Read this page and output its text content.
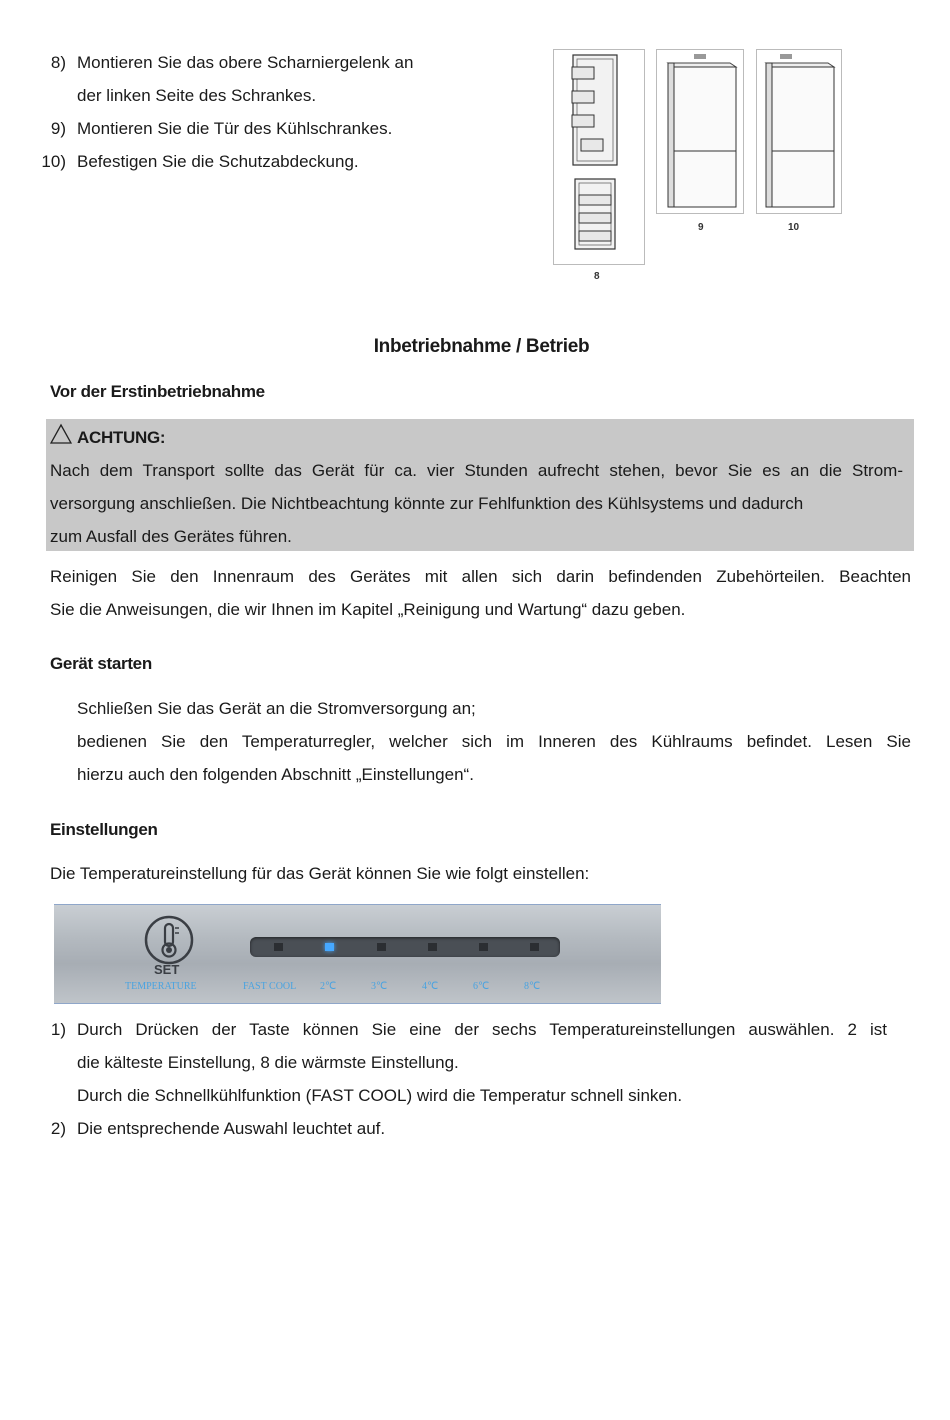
8) Montieren Sie das obere Scharniergelenk an
der linken Seite des Schrankes.
9) Montieren Sie die Tür des Kühlschrankes.
10) Befestigen Sie die Schutzabdeckung.
8
9	10
Inbetriebnahme / Betrieb
Vor der Erstinbetriebnahme
ACHTUNG:
Nach dem Transport sollte das Gerät für ca. vier Stunden aufrecht stehen, bevor Sie es an die Strom-
versorgung anschließen. Die Nichtbeachtung könnte zur Fehlfunktion des Kühlsystems und dadurch
zum Ausfall des Gerätes führen.
Reinigen Sie den Innenraum des Gerätes mit allen sich darin befindenden Zubehörteilen. Beachten
Sie die Anweisungen, die wir Ihnen im Kapitel „Reinigung und Wartung“ dazu geben.
Gerät starten
Schließen Sie das Gerät an die Stromversorgung an;
bedienen Sie den Temperaturregler, welcher sich im Inneren des Kühlraums befindet. Lesen Sie
hierzu auch den folgenden Abschnitt „Einstellungen“.
Einstellungen
Die Temperatureinstellung für das Gerät können Sie wie folgt einstellen:
SET
TEMPERATURE	FAST COOL 2℃	3℃	4℃	6℃	8℃
1) Durch Drücken der Taste können Sie eine der sechs Temperatureinstellungen auswählen. 2 ist
die kälteste Einstellung, 8 die wärmste Einstellung.
Durch die Schnellkühlfunktion (FAST COOL) wird die Temperatur schnell sinken.
2) Die entsprechende Auswahl leuchtet auf.
